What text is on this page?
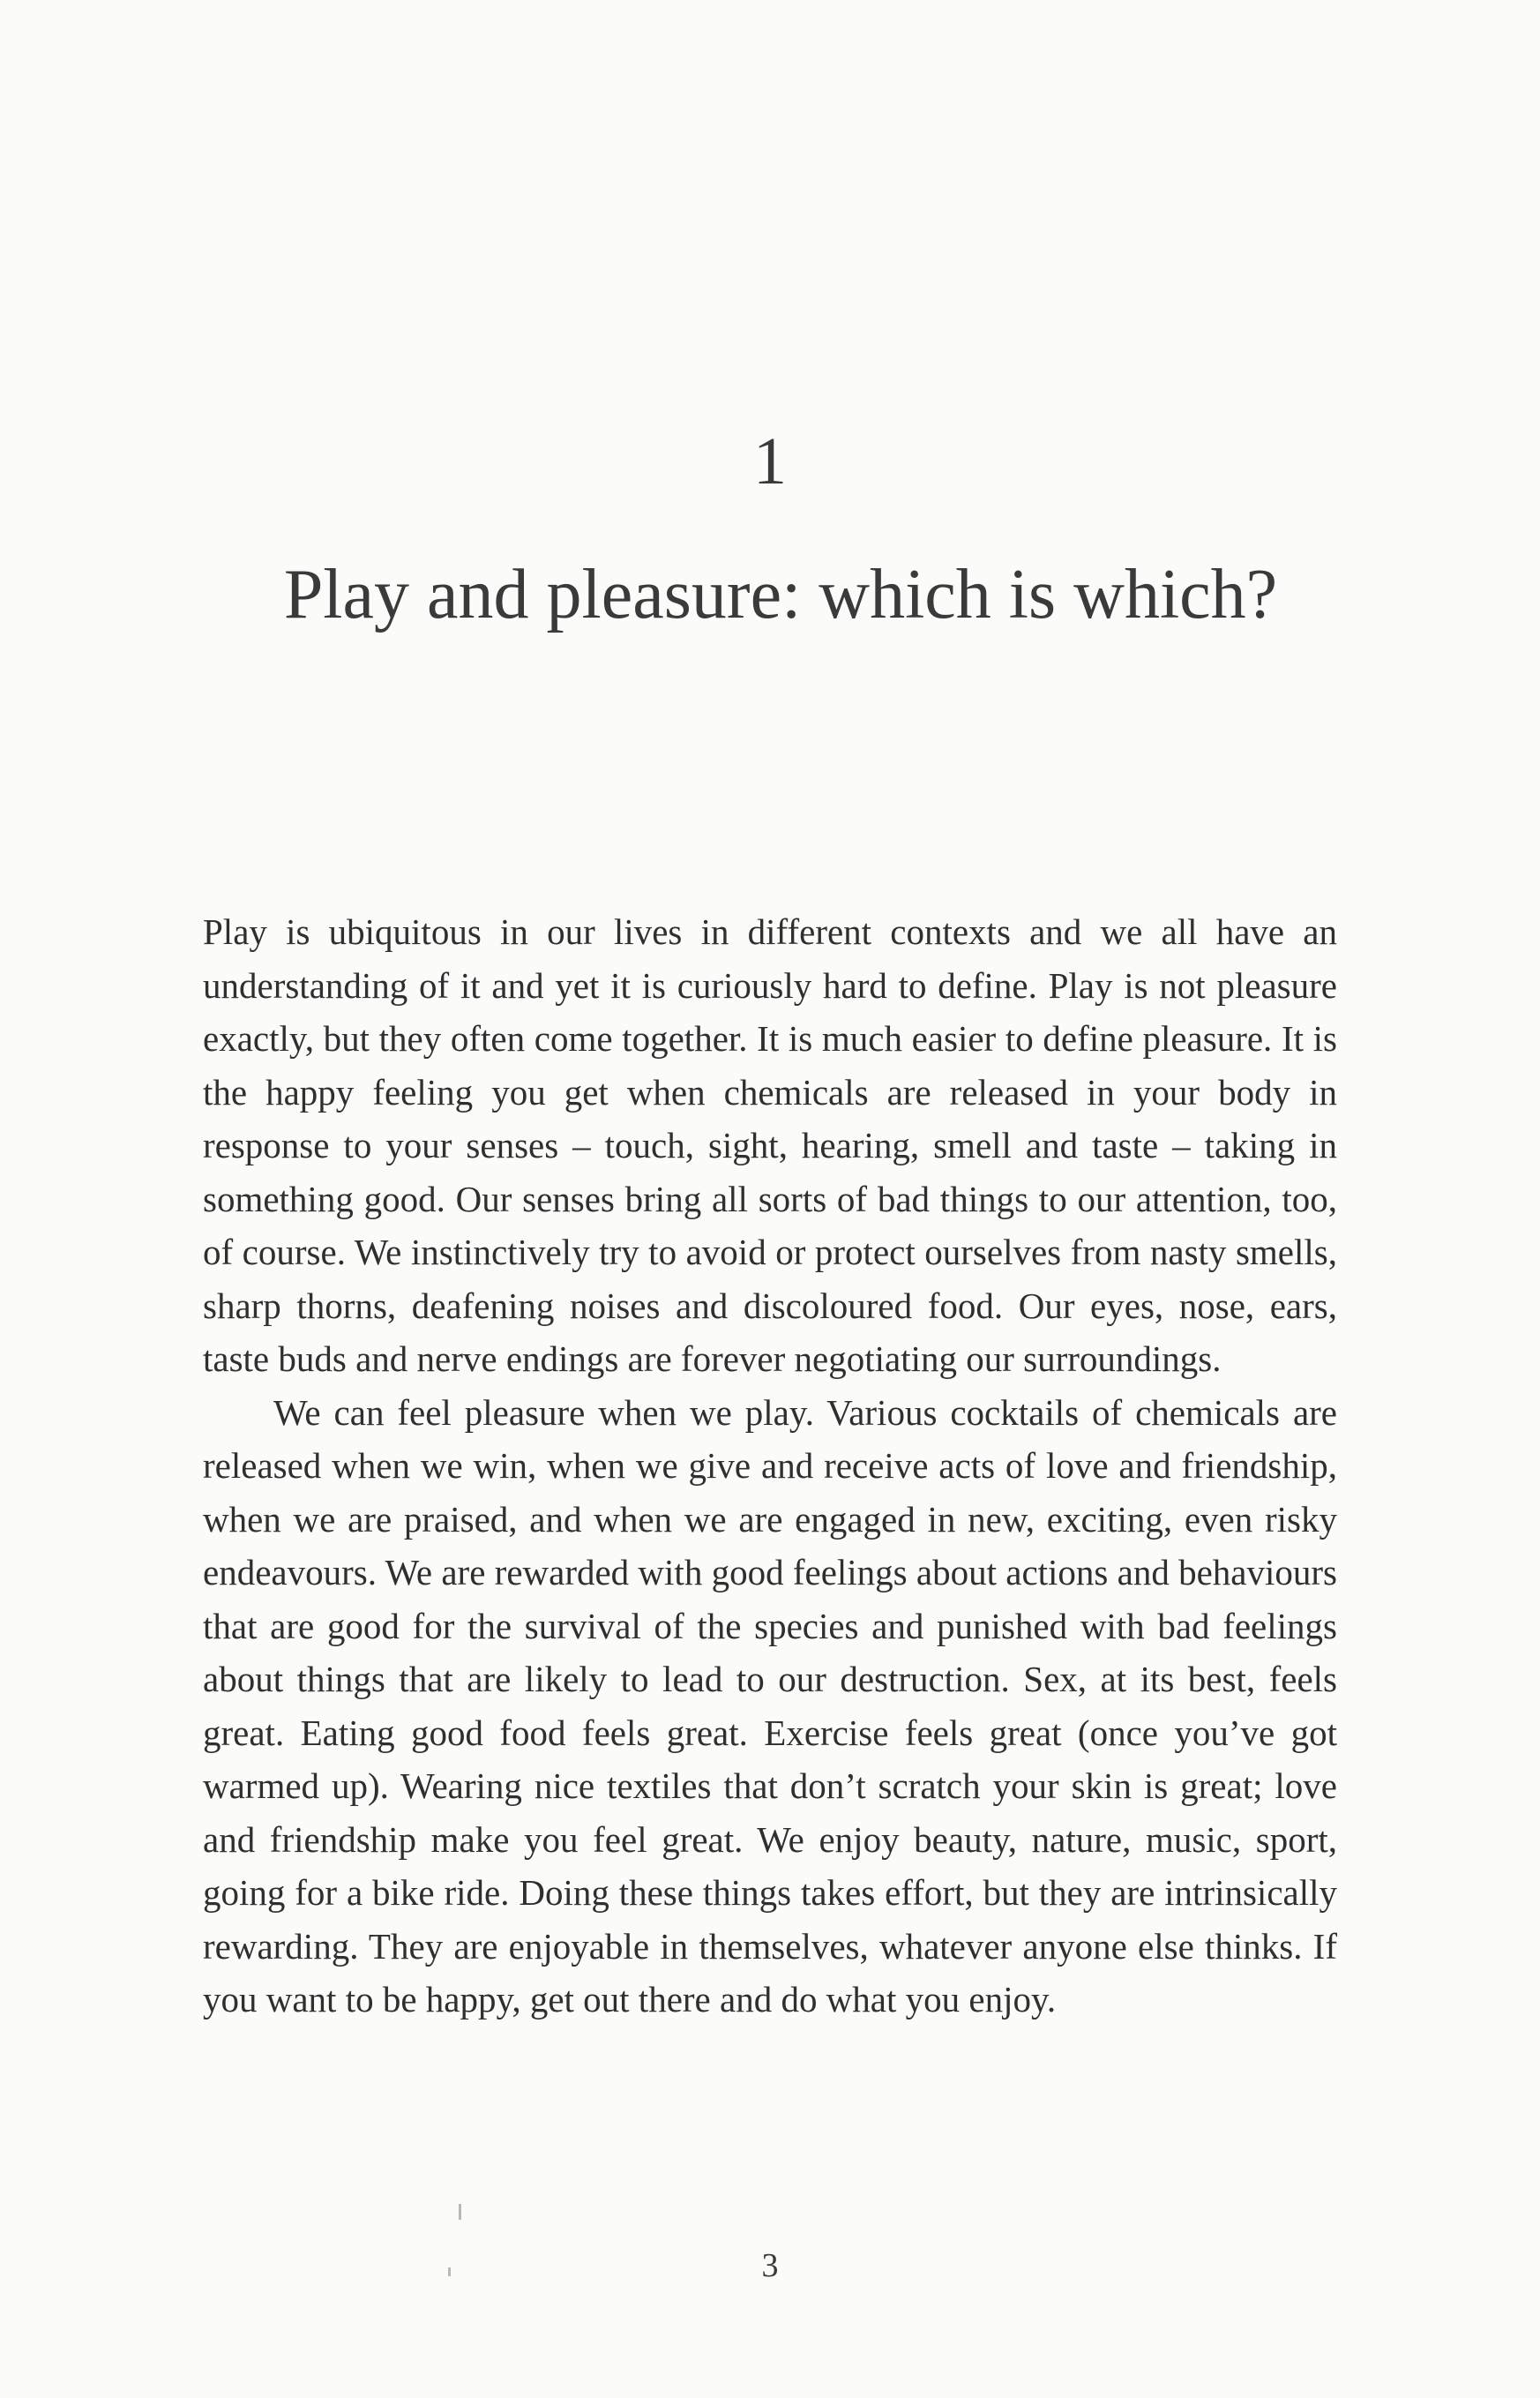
1
Play and pleasure: which is which?

Play is ubiquitous in our lives in different contexts and we all have an understanding of it and yet it is curiously hard to define. Play is not pleasure exactly, but they often come together. It is much easier to define pleasure. It is the happy feeling you get when chemicals are released in your body in response to your senses – touch, sight, hearing, smell and taste – taking in something good. Our senses bring all sorts of bad things to our attention, too, of course. We instinctively try to avoid or protect ourselves from nasty smells, sharp thorns, deafening noises and discoloured food. Our eyes, nose, ears, taste buds and nerve endings are forever negotiating our surroundings.

We can feel pleasure when we play. Various cocktails of chemicals are released when we win, when we give and receive acts of love and friendship, when we are praised, and when we are engaged in new, exciting, even risky endeavours. We are rewarded with good feelings about actions and behaviours that are good for the survival of the species and punished with bad feelings about things that are likely to lead to our destruction. Sex, at its best, feels great. Eating good food feels great. Exercise feels great (once you’ve got warmed up). Wearing nice textiles that don’t scratch your skin is great; love and friendship make you feel great. We enjoy beauty, nature, music, sport, going for a bike ride. Doing these things takes effort, but they are intrinsically rewarding. They are enjoyable in themselves, whatever anyone else thinks. If you want to be happy, get out there and do what you enjoy.

3
